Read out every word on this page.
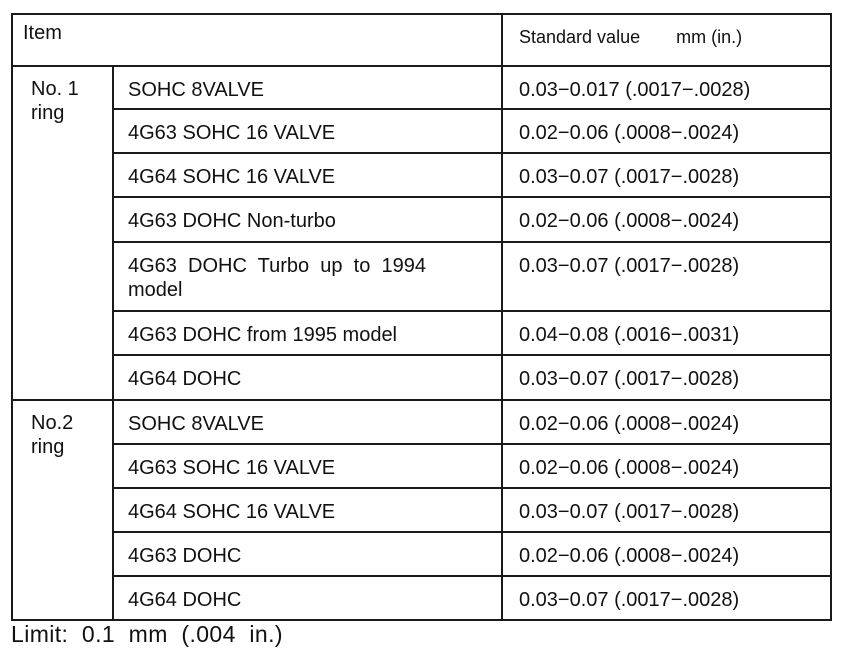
Item		Standard value mm (in.)
No. 1
ring	SOHC 8VALVE	0.03−0.017 (.0017−.0028)
	4G63 SOHC 16 VALVE	0.02−0.06 (.0008−.0024)
	4G64 SOHC 16 VALVE	0.03−0.07 (.0017−.0028)
	4G63 DOHC Non-turbo	0.02−0.06 (.0008−.0024)
	4G63  DOHC  Turbo  up  to  1994
model	0.03−0.07 (.0017−.0028)
	4G63 DOHC from 1995 model	0.04−0.08 (.0016−.0031)
	4G64 DOHC	0.03−0.07 (.0017−.0028)
No.2
ring	SOHC 8VALVE	0.02−0.06 (.0008−.0024)
	4G63 SOHC 16 VALVE	0.02−0.06 (.0008−.0024)
	4G64 SOHC 16 VALVE	0.03−0.07 (.0017−.0028)
	4G63 DOHC	0.02−0.06 (.0008−.0024)
	4G64 DOHC	0.03−0.07 (.0017−.0028)
Limit:  0.1  mm  (.004  in.)
